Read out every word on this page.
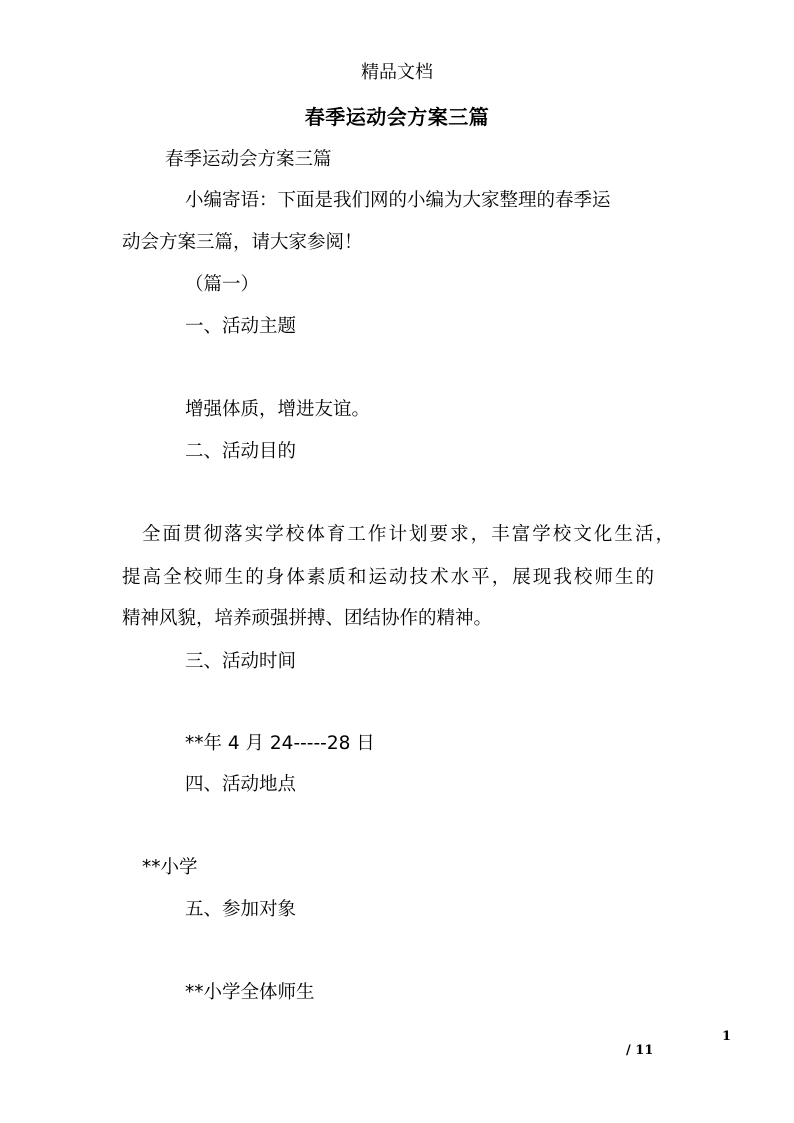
精品文档
春季运动会方案三篇
春季运动会方案三篇
小编寄语：下面是我们网的小编为大家整理的春季运
动会方案三篇，请大家参阅！
（篇一）
一、活动主题
增强体质，增进友谊。
二、活动目的
全面贯彻落实学校体育工作计划要求，丰富学校文化生活，
提高全校师生的身体素质和运动技术水平，展现我校师生的
精神风貌，培养顽强拼搏、团结协作的精神。
三、活动时间
**年 4 月 24-----28 日
四、活动地点
**小学
五、参加对象
**小学全体师生
1
/ 11
